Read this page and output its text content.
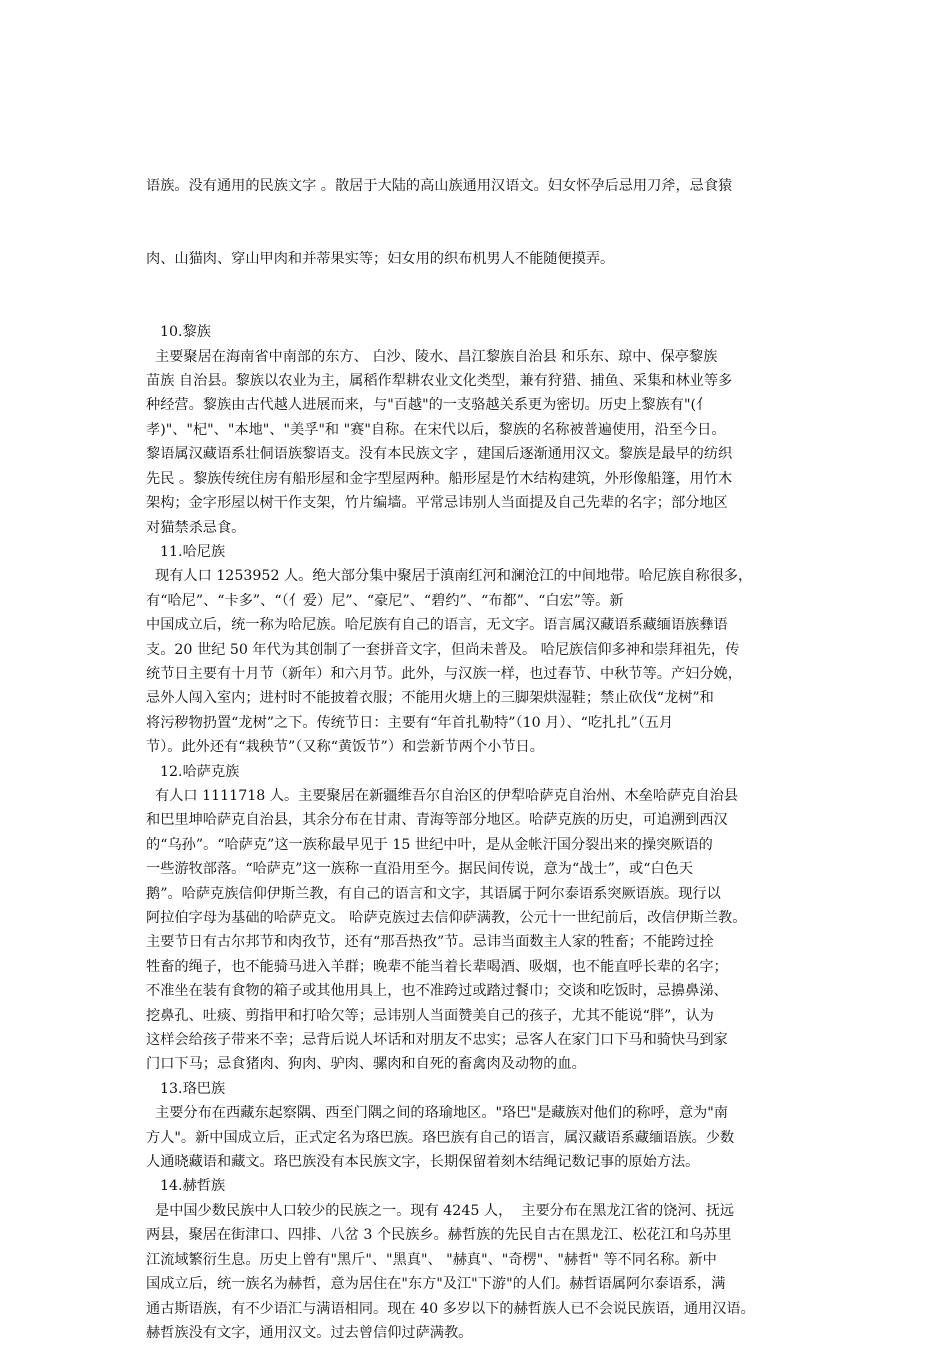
语族。没有通用的民族文字 。散居于大陆的高山族通用汉语文。妇女怀孕后忌用刀斧，忌食猿

肉、山猫肉、穿山甲肉和并蒂果实等；妇女用的织布机男人不能随便摸弄。

10.黎族
主要聚居在海南省中南部的东方、 白沙、陵水、昌江黎族自治县 和乐东、琼中、保亭黎族
苗族 自治县。黎族以农业为主，属稻作犁耕农业文化类型，兼有狩猎、捕鱼、采集和林业等多
种经营。黎族由古代越人进展而来，与"百越"的一支骆越关系更为密切。历史上黎族有"(亻
孝)"、"杞"、"本地"、"美孚"和 "赛"自称。在宋代以后，黎族的名称被普遍使用，沿至今日。
黎语属汉藏语系壮侗语族黎语支。没有本民族文字 ，建国后逐渐通用汉文。黎族是最早的纺织
先民 。黎族传统住房有船形屋和金字型屋两种。船形屋是竹木结构建筑，外形像船篷，用竹木
架构；金字形屋以树干作支架，竹片编墙。平常忌讳别人当面提及自己先辈的名字；部分地区
对猫禁杀忌食。
11.哈尼族
现有人口 1253952 人。绝大部分集中聚居于滇南红河和澜沧江的中间地带。哈尼族自称很多，
有“哈尼”、“卡多”、“（亻爱）尼”、“豪尼”、“碧约”、“布都”、“白宏”等。新
中国成立后，统一称为哈尼族。哈尼族有自己的语言，无文字。语言属汉藏语系藏缅语族彝语
支。20 世纪 50 年代为其创制了一套拼音文字，但尚未普及。 哈尼族信仰多神和崇拜祖先，传
统节日主要有十月节（新年）和六月节。此外，与汉族一样，也过春节、中秋节等。产妇分娩，
忌外人闯入室内；进村时不能披着衣服；不能用火塘上的三脚架烘湿鞋；禁止砍伐“龙树”和
将污秽物扔置“龙树”之下。传统节日：主要有“年首扎勒特”（10 月）、“吃扎扎”（五月
节）。此外还有“栽秧节”（又称“黄饭节”）和尝新节两个小节日。
12.哈萨克族
有人口 1111718 人。主要聚居在新疆维吾尔自治区的伊犁哈萨克自治州、木垒哈萨克自治县
和巴里坤哈萨克自治县，其余分布在甘肃、青海等部分地区。哈萨克族的历史，可追溯到西汉
的“乌孙”。“哈萨克”这一族称最早见于 15 世纪中叶，是从金帐汗国分裂出来的操突厥语的
一些游牧部落。“哈萨克”这一族称一直沿用至今。据民间传说，意为“战士”，或“白色天
鹅”。哈萨克族信仰伊斯兰教，有自己的语言和文字，其语属于阿尔泰语系突厥语族。现行以
阿拉伯字母为基础的哈萨克文。 哈萨克族过去信仰萨满教，公元十一世纪前后，改信伊斯兰教。
主要节日有古尔邦节和肉孜节，还有“那吾热孜”节。忌讳当面数主人家的牲畜；不能跨过拴
牲畜的绳子，也不能骑马进入羊群；晚辈不能当着长辈喝酒、吸烟，也不能直呼长辈的名字；
不准坐在装有食物的箱子或其他用具上，也不准跨过或踏过餐巾；交谈和吃饭时，忌擤鼻涕、
挖鼻孔、吐痰、剪指甲和打哈欠等；忌讳别人当面赞美自己的孩子，尤其不能说“胖”，认为
这样会给孩子带来不幸；忌背后说人坏话和对朋友不忠实；忌客人在家门口下马和骑快马到家
门口下马；忌食猪肉、狗肉、驴肉、骡肉和自死的畜禽肉及动物的血。
13.珞巴族
主要分布在西藏东起察隅、西至门隅之间的珞瑜地区。"珞巴"是藏族对他们的称呼，意为"南
方人"。新中国成立后，正式定名为珞巴族。珞巴族有自己的语言，属汉藏语系藏缅语族。少数
人通晓藏语和藏文。珞巴族没有本民族文字，长期保留着刻木结绳记数记事的原始方法。
14.赫哲族
是中国少数民族中人口较少的民族之一。现有 4245 人，  主要分布在黑龙江省的饶河、抚远
两县，聚居在街津口、四排、八岔 3 个民族乡。赫哲族的先民自古在黑龙江、松花江和乌苏里
江流域繁衍生息。历史上曾有"黑斤"、"黑真"、 "赫真"、"奇楞"、"赫哲" 等不同名称。新中
国成立后，统一族名为赫哲，意为居住在"东方"及江"下游"的人们。赫哲语属阿尔泰语系，满
通古斯语族，有不少语汇与满语相同。现在 40 多岁以下的赫哲族人已不会说民族语，通用汉语。
赫哲族没有文字，通用汉文。过去曾信仰过萨满教。
